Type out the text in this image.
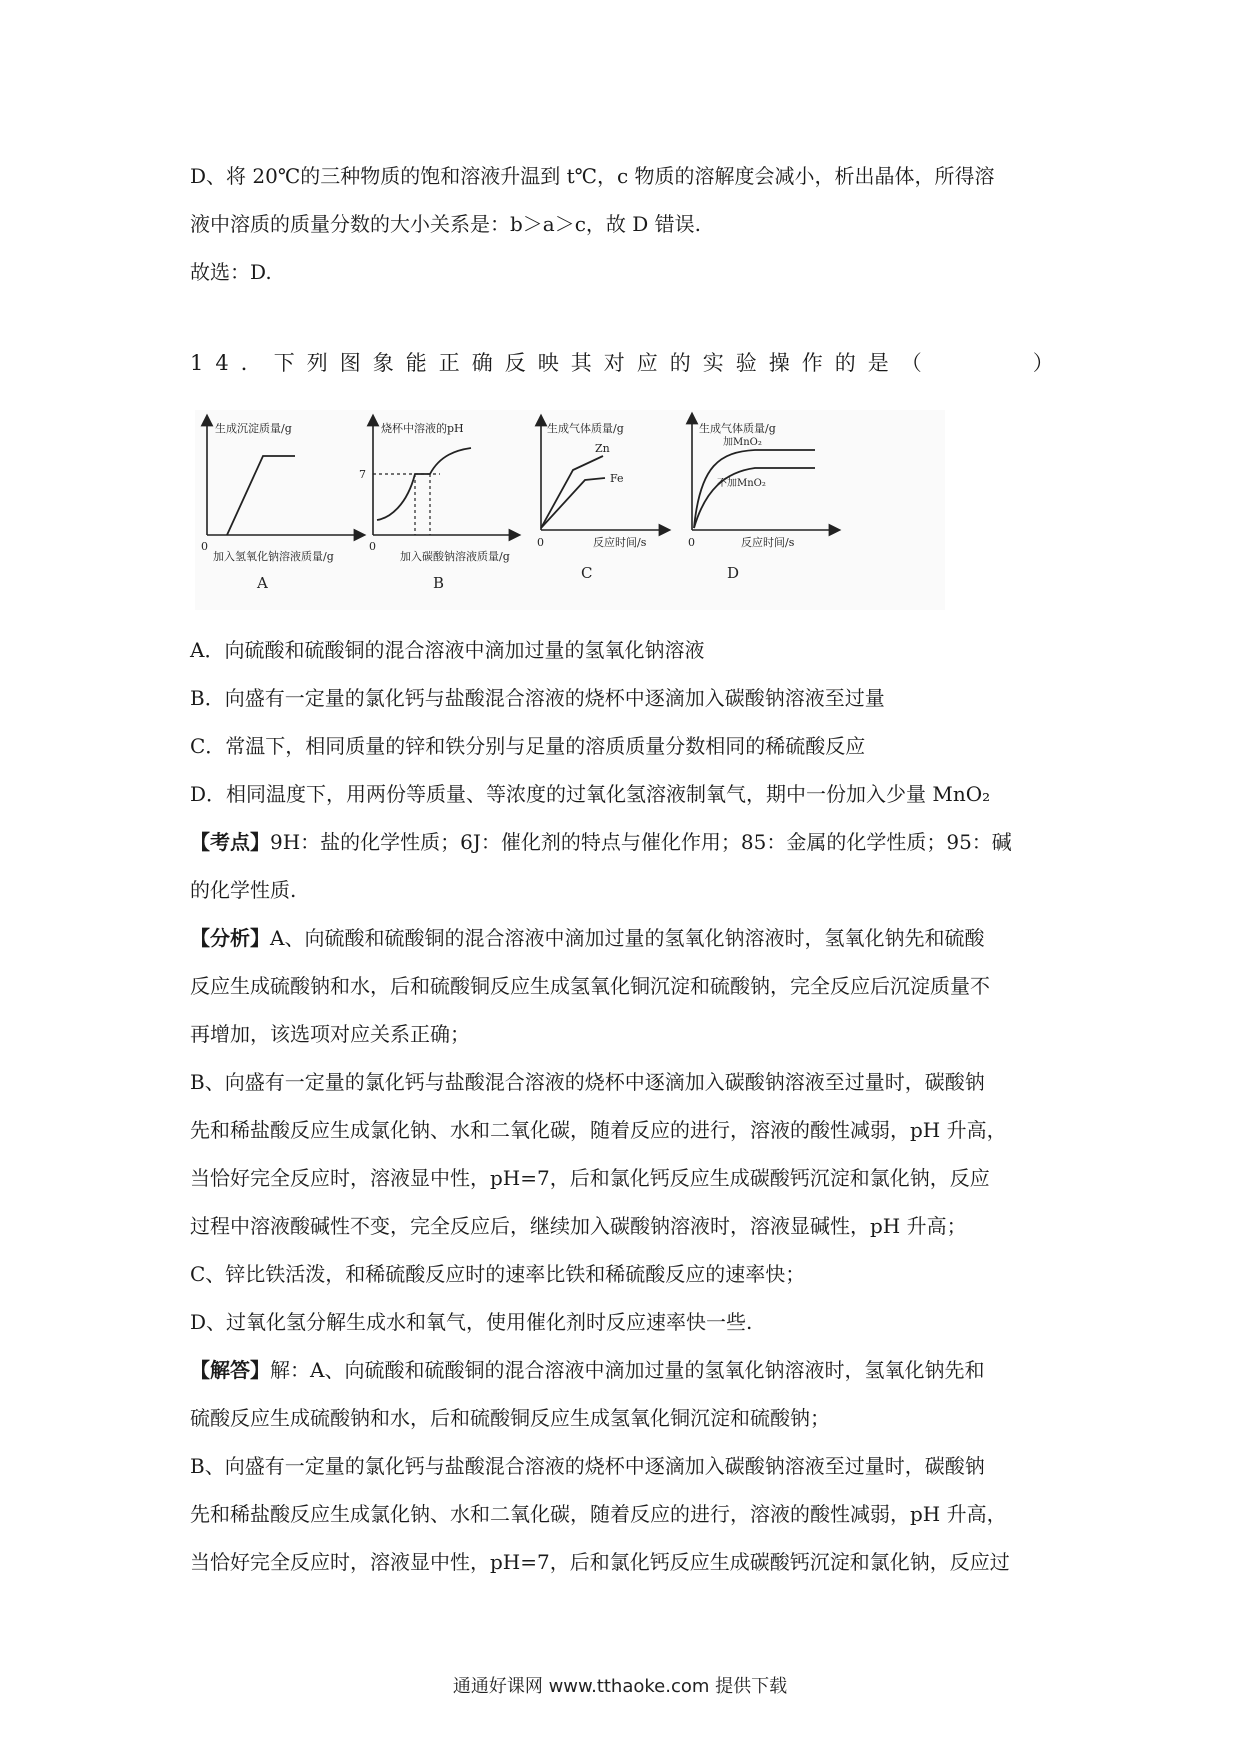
D、将 20℃的三种物质的饱和溶液升温到 t℃，c 物质的溶解度会减小，析出晶体，所得溶
液中溶质的质量分数的大小关系是：b＞a＞c，故 D 错误.
故选：D.
14．下列图象能正确反映其对应的实验操作的是（　　　）
生成沉淀质量/g
0
加入氢氧化钠溶液质量/g
A
烧杯中溶液的pH
7
0
加入碳酸钠溶液质量/g
B
生成气体质量/g
Zn
Fe
0	反应时间/s
C
生成气体质量/g
加MnO₂
不加MnO₂
0	反应时间/s
D
A．向硫酸和硫酸铜的混合溶液中滴加过量的氢氧化钠溶液
B．向盛有一定量的氯化钙与盐酸混合溶液的烧杯中逐滴加入碳酸钠溶液至过量
C．常温下，相同质量的锌和铁分别与足量的溶质质量分数相同的稀硫酸反应
D．相同温度下，用两份等质量、等浓度的过氧化氢溶液制氧气，期中一份加入少量 MnO₂
【考点】9H：盐的化学性质；6J：催化剂的特点与催化作用；85：金属的化学性质；95：碱
的化学性质.
【分析】A、向硫酸和硫酸铜的混合溶液中滴加过量的氢氧化钠溶液时，氢氧化钠先和硫酸
反应生成硫酸钠和水，后和硫酸铜反应生成氢氧化铜沉淀和硫酸钠，完全反应后沉淀质量不
再增加，该选项对应关系正确；
B、向盛有一定量的氯化钙与盐酸混合溶液的烧杯中逐滴加入碳酸钠溶液至过量时，碳酸钠
先和稀盐酸反应生成氯化钠、水和二氧化碳，随着反应的进行，溶液的酸性减弱，pH 升高，
当恰好完全反应时，溶液显中性，pH=7，后和氯化钙反应生成碳酸钙沉淀和氯化钠，反应
过程中溶液酸碱性不变，完全反应后，继续加入碳酸钠溶液时，溶液显碱性，pH 升高；
C、锌比铁活泼，和稀硫酸反应时的速率比铁和稀硫酸反应的速率快；
D、过氧化氢分解生成水和氧气，使用催化剂时反应速率快一些.
【解答】解：A、向硫酸和硫酸铜的混合溶液中滴加过量的氢氧化钠溶液时，氢氧化钠先和
硫酸反应生成硫酸钠和水，后和硫酸铜反应生成氢氧化铜沉淀和硫酸钠；
B、向盛有一定量的氯化钙与盐酸混合溶液的烧杯中逐滴加入碳酸钠溶液至过量时，碳酸钠
先和稀盐酸反应生成氯化钠、水和二氧化碳，随着反应的进行，溶液的酸性减弱，pH 升高，
当恰好完全反应时，溶液显中性，pH=7，后和氯化钙反应生成碳酸钙沉淀和氯化钠，反应过
通通好课网 www.tthaoke.com 提供下载
